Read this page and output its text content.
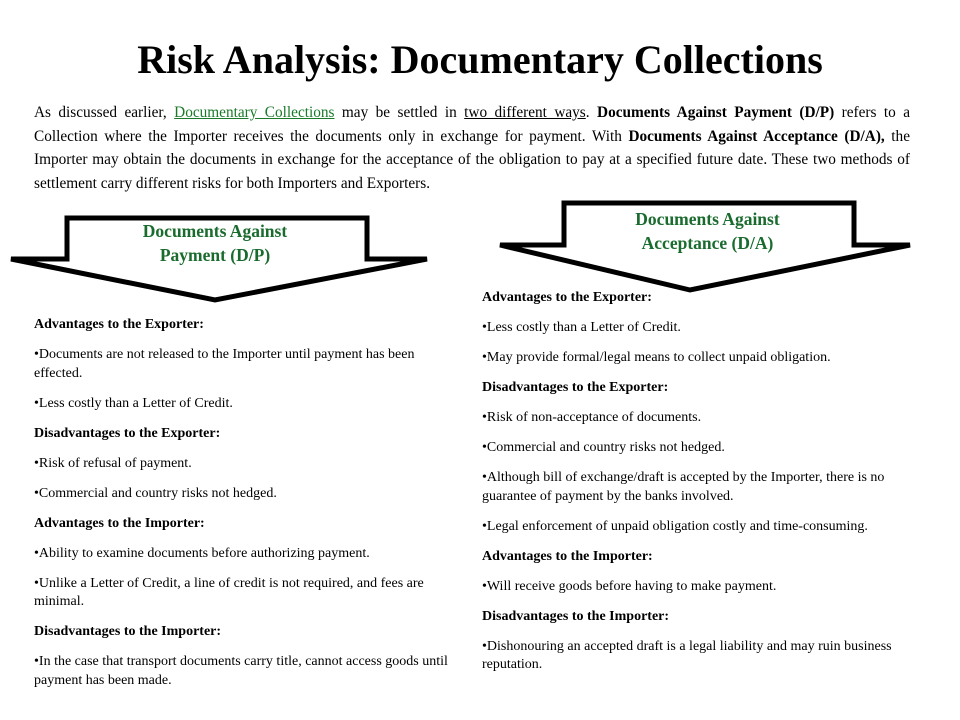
Risk Analysis: Documentary Collections

As discussed earlier, Documentary Collections may be settled in two different ways. Documents Against Payment (D/P) refers to a Collection where the Importer receives the documents only in exchange for payment. With Documents Against Acceptance (D/A), the Importer may obtain the documents in exchange for the acceptance of the obligation to pay at a specified future date. These two methods of settlement carry different risks for both Importers and Exporters.

Documents Against
Payment (D/P)
Documents Against
Acceptance (D/A)

Advantages to the Exporter:

•Documents are not released to the Importer until payment has been effected.

•Less costly than a Letter of Credit.

Disadvantages to the Exporter:

•Risk of refusal of payment.

•Commercial and country risks not hedged.

Advantages to the Importer:

•Ability to examine documents before authorizing payment.

•Unlike a Letter of Credit, a line of credit is not required, and fees are minimal.

Disadvantages to the Importer:

•In the case that transport documents carry title, cannot access goods until payment has been made.

Advantages to the Exporter:

•Less costly than a Letter of Credit.

•May provide formal/legal means to collect unpaid obligation.

Disadvantages to the Exporter:

•Risk of non-acceptance of documents.

•Commercial and country risks not hedged.

•Although bill of exchange/draft is accepted by the Importer, there is no guarantee of payment by the banks involved.

•Legal enforcement of unpaid obligation costly and time-consuming.

Advantages to the Importer:

•Will receive goods before having to make payment.

Disadvantages to the Importer:

•Dishonouring an accepted draft is a legal liability and may ruin business reputation.
